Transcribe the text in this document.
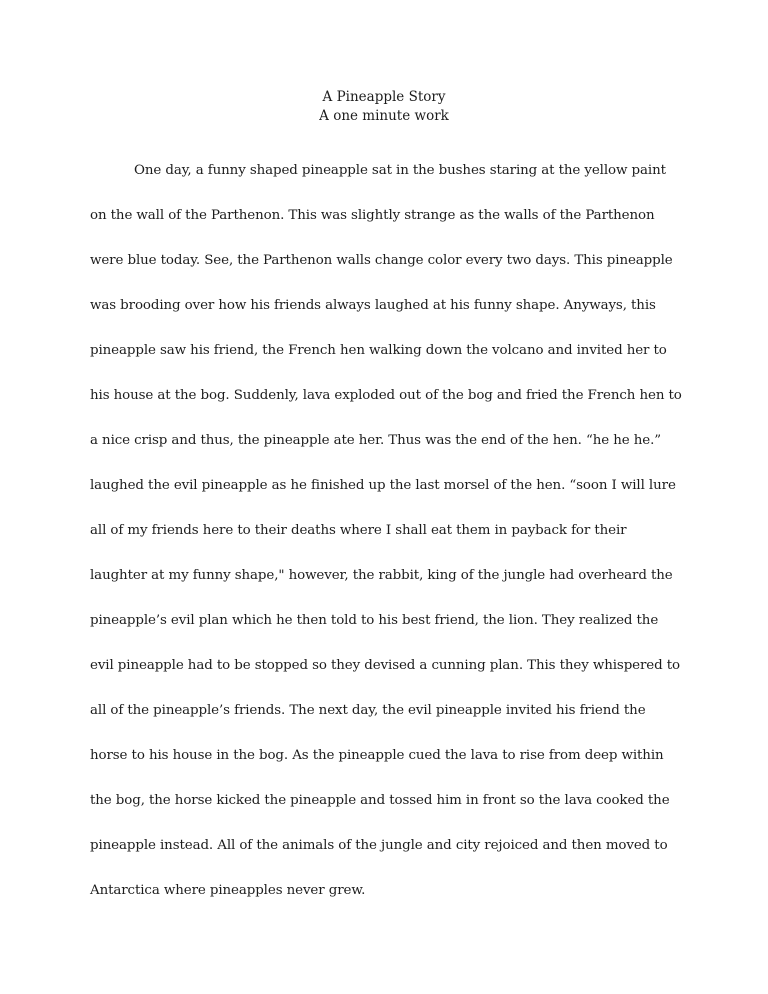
A Pineapple Story
A one minute work
One day, a funny shaped pineapple sat in the bushes staring at the yellow paint
on the wall of the Parthenon. This was slightly strange as the walls of the Parthenon
were blue today. See, the Parthenon walls change color every two days. This pineapple
was brooding over how his friends always laughed at his funny shape. Anyways, this
pineapple saw his friend, the French hen walking down the volcano and invited her to
his house at the bog. Suddenly, lava exploded out of the bog and fried the French hen to
a nice crisp and thus, the pineapple ate her. Thus was the end of the hen. “he he he.”
laughed the evil pineapple as he finished up the last morsel of the hen. “soon I will lure
all of my friends here to their deaths where I shall eat them in payback for their
laughter at my funny shape," however, the rabbit, king of the jungle had overheard the
pineapple’s evil plan which he then told to his best friend, the lion. They realized the
evil pineapple had to be stopped so they devised a cunning plan. This they whispered to
all of the pineapple’s friends. The next day, the evil pineapple invited his friend the
horse to his house in the bog. As the pineapple cued the lava to rise from deep within
the bog, the horse kicked the pineapple and tossed him in front so the lava cooked the
pineapple instead. All of the animals of the jungle and city rejoiced and then moved to
Antarctica where pineapples never grew.
